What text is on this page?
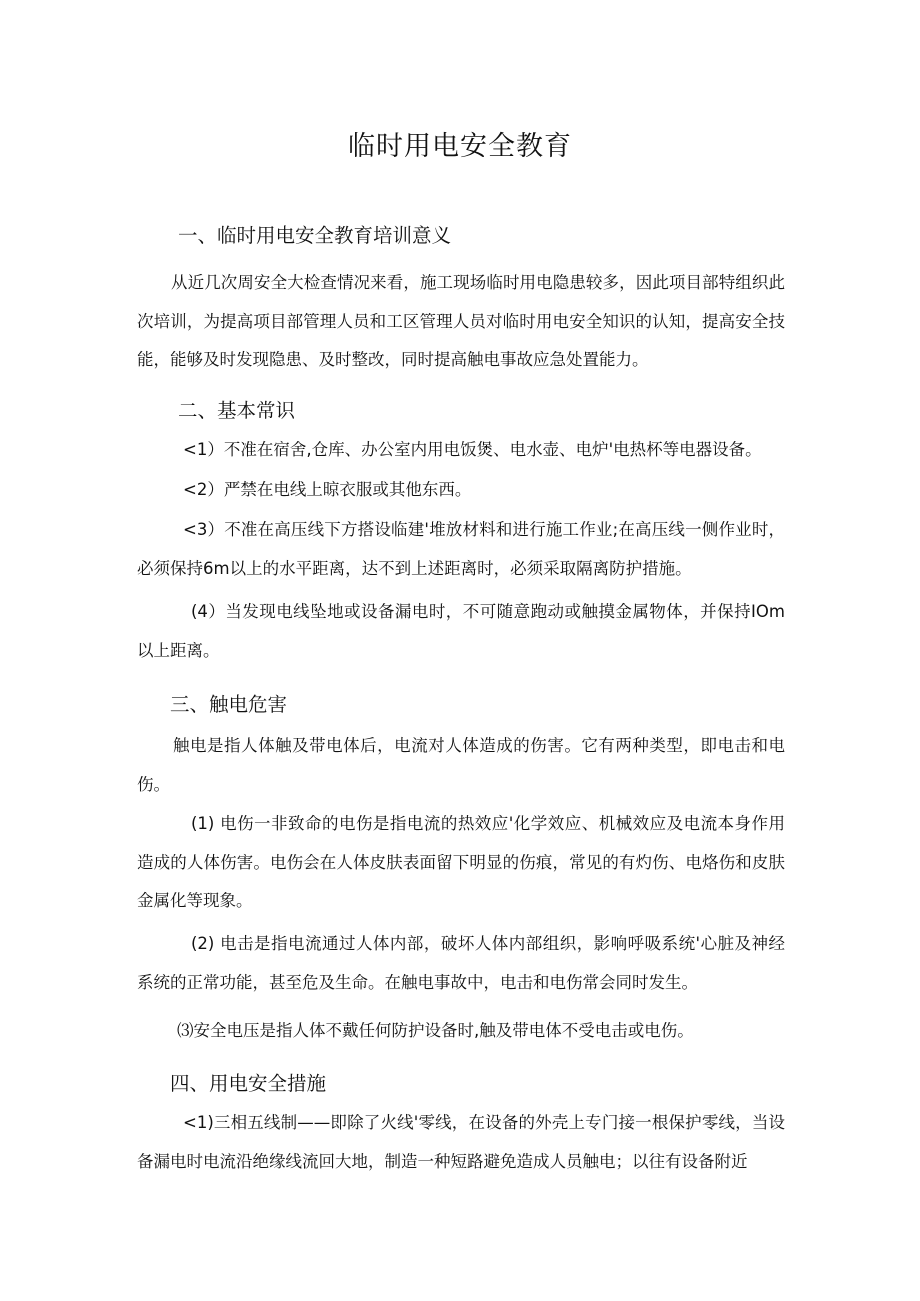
临时用电安全教育
一、临时用电安全教育培训意义

从近几次周安全大检查情况来看，施工现场临时用电隐患较多，因此项目部特组织此次培训，为提高项目部管理人员和工区管理人员对临时用电安全知识的认知，提高安全技能，能够及时发现隐患、及时整改，同时提高触电事故应急处置能力。

二、基本常识

<1）不准在宿舍,仓库、办公室内用电饭煲、电水壶、电炉'电热杯等电器设备。

<2）严禁在电线上晾衣服或其他东西。

<3）不准在高压线下方搭设临建'堆放材料和进行施工作业;在高压线一侧作业时，必须保持6m以上的水平距离，达不到上述距离时，必须采取隔离防护措施。

(4）当发现电线坠地或设备漏电时，不可随意跑动或触摸金属物体，并保持IOm以上距离。

三、触电危害

触电是指人体触及带电体后，电流对人体造成的伤害。它有两种类型，即电击和电伤。

(1) 电伤一非致命的电伤是指电流的热效应'化学效应、机械效应及电流本身作用造成的人体伤害。电伤会在人体皮肤表面留下明显的伤痕，常见的有灼伤、电烙伤和皮肤金属化等现象。

(2) 电击是指电流通过人体内部，破坏人体内部组织，影响呼吸系统'心脏及神经系统的正常功能，甚至危及生命。在触电事故中，电击和电伤常会同时发生。

⑶安全电压是指人体不戴任何防护设备时,触及带电体不受电击或电伤。

四、用电安全措施

<1)三相五线制——即除了火线'零线，在设备的外壳上专门接一根保护零线，当设备漏电时电流沿绝缘线流回大地，制造一种短路避免造成人员触电；以往有设备附近
